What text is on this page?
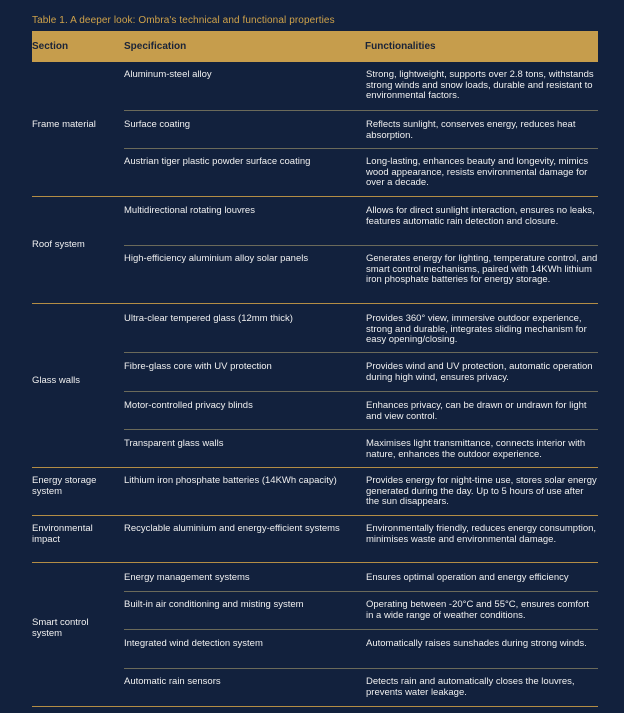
Table 1. A deeper look: Ombra's technical and functional properties
Section	Specification	Functionalities
Frame material
Aluminum-steel alloy	Strong, lightweight, supports over 2.8 tons, withstands strong winds and snow loads, durable and resistant to environmental factors.
Surface coating	Reflects sunlight, conserves energy, reduces heat absorption.
Austrian tiger plastic powder surface coating	Long-lasting, enhances beauty and longevity, mimics wood appearance, resists environmental damage for over a decade.
Roof system
Multidirectional rotating louvres	Allows for direct sunlight interaction, ensures no leaks, features automatic rain detection and closure.
High-efficiency aluminium alloy solar panels	Generates energy for lighting, temperature control, and smart control mechanisms, paired with 14KWh lithium iron phosphate batteries for energy storage.
Glass walls
Ultra-clear tempered glass (12mm thick)	Provides 360° view, immersive outdoor experience, strong and durable, integrates sliding mechanism for easy opening/closing.
Fibre-glass core with UV protection	Provides wind and UV protection, automatic operation during high wind, ensures privacy.
Motor-controlled privacy blinds	Enhances privacy, can be drawn or undrawn for light and view control.
Transparent glass walls	Maximises light transmittance, connects interior with nature, enhances the outdoor experience.
Energy storage system
Lithium iron phosphate batteries (14KWh capacity)	Provides energy for night-time use, stores solar energy generated during the day. Up to 5 hours of use after the sun disappears.
Environmental impact
Recyclable aluminium and energy-efficient systems	Environmentally friendly, reduces energy consumption, minimises waste and environmental damage.
Smart control system
Energy management systems	Ensures optimal operation and energy efficiency
Built-in air conditioning and misting system	Operating between -20°C and 55°C, ensures comfort in a wide range of weather conditions.
Integrated wind detection system	Automatically raises sunshades during strong winds.
Automatic rain sensors	Detects rain and automatically closes the louvres, prevents water leakage.
